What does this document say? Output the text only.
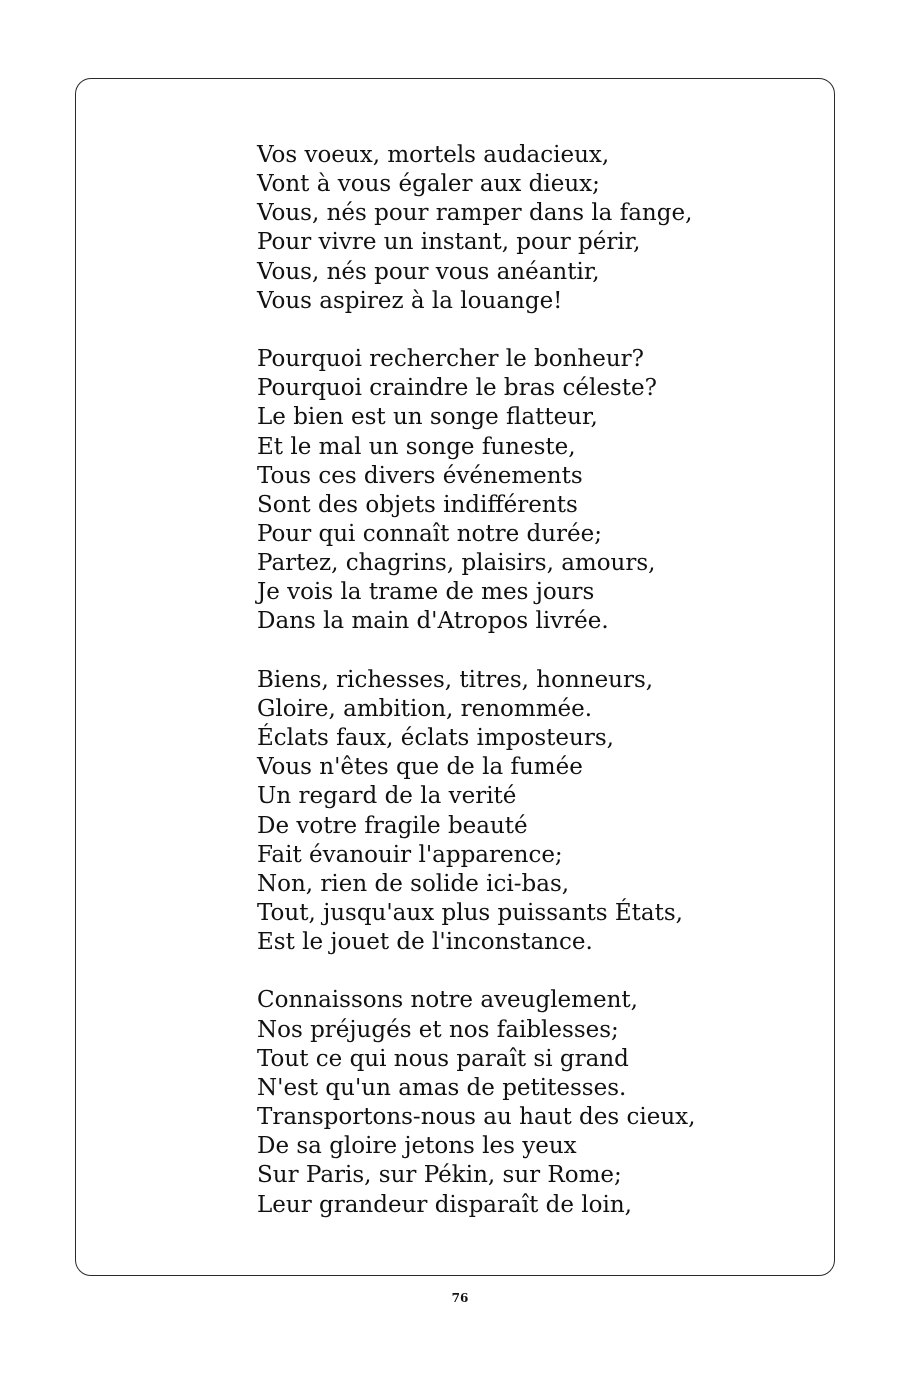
Vos voeux, mortels audacieux,
Vont à vous égaler aux dieux;
Vous, nés pour ramper dans la fange,
Pour vivre un instant, pour périr,
Vous, nés pour vous anéantir,
Vous aspirez à la louange!
Pourquoi rechercher le bonheur?
Pourquoi craindre le bras céleste?
Le bien est un songe flatteur,
Et le mal un songe funeste,
Tous ces divers événements
Sont des objets indifférents
Pour qui connaît notre durée;
Partez, chagrins, plaisirs, amours,
Je vois la trame de mes jours
Dans la main d'Atropos livrée.
Biens, richesses, titres, honneurs,
Gloire, ambition, renommée.
Éclats faux, éclats imposteurs,
Vous n'êtes que de la fumée
Un regard de la verité
De votre fragile beauté
Fait évanouir l'apparence;
Non, rien de solide ici-bas,
Tout, jusqu'aux plus puissants États,
Est le jouet de l'inconstance.
Connaissons notre aveuglement,
Nos préjugés et nos faiblesses;
Tout ce qui nous paraît si grand
N'est qu'un amas de petitesses.
Transportons-nous au haut des cieux,
De sa gloire jetons les yeux
Sur Paris, sur Pékin, sur Rome;
Leur grandeur disparaît de loin,
76
